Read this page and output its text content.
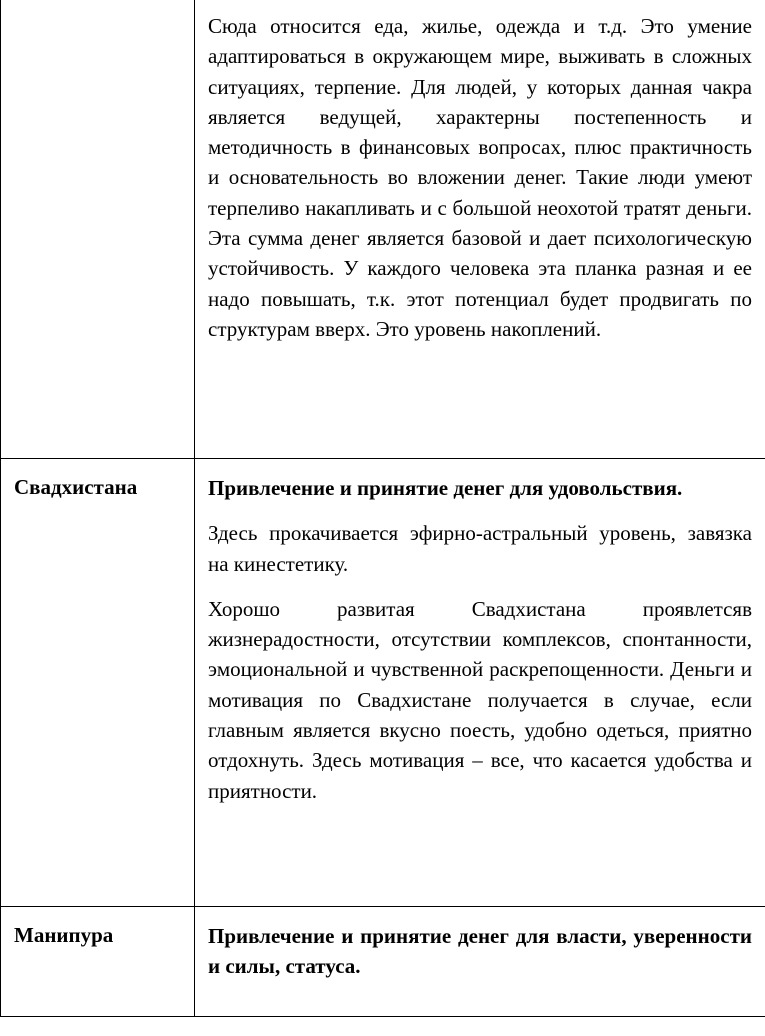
	Сюда относится еда, жилье, одежда и т.д. Это умение адаптироваться в окружающем мире, выживать в сложных ситуациях, терпение. Для людей, у которых данная чакра является ведущей, характерны постепенность и методичность в финансовых вопросах, плюс практичность и основательность во вложении денег. Такие люди умеют терпеливо накапливать и с большой неохотой тратят деньги. Эта сумма денег является базовой и дает психологическую устойчивость. У каждого человека эта планка разная и ее надо повышать, т.к. этот потенциал будет продвигать по структурам вверх. Это уровень накоплений.

Свадхистана	Привлечение и принятие денег для удовольствия.

Здесь прокачивается эфирно-астральный уровень, завязка на кинестетику.

Хорошо развитая Свадхистана проявлетсяв жизнерадостности, отсутствии комплексов, спонтанности, эмоциональной и чувственной раскрепощенности. Деньги и мотивация по Свадхистане получается в случае, если главным является вкусно поесть, удобно одеться, приятно отдохнуть. Здесь мотивация – все, что касается удобства и приятности.

Манипура	Привлечение и принятие денег для власти, уверенности и силы, статуса.
